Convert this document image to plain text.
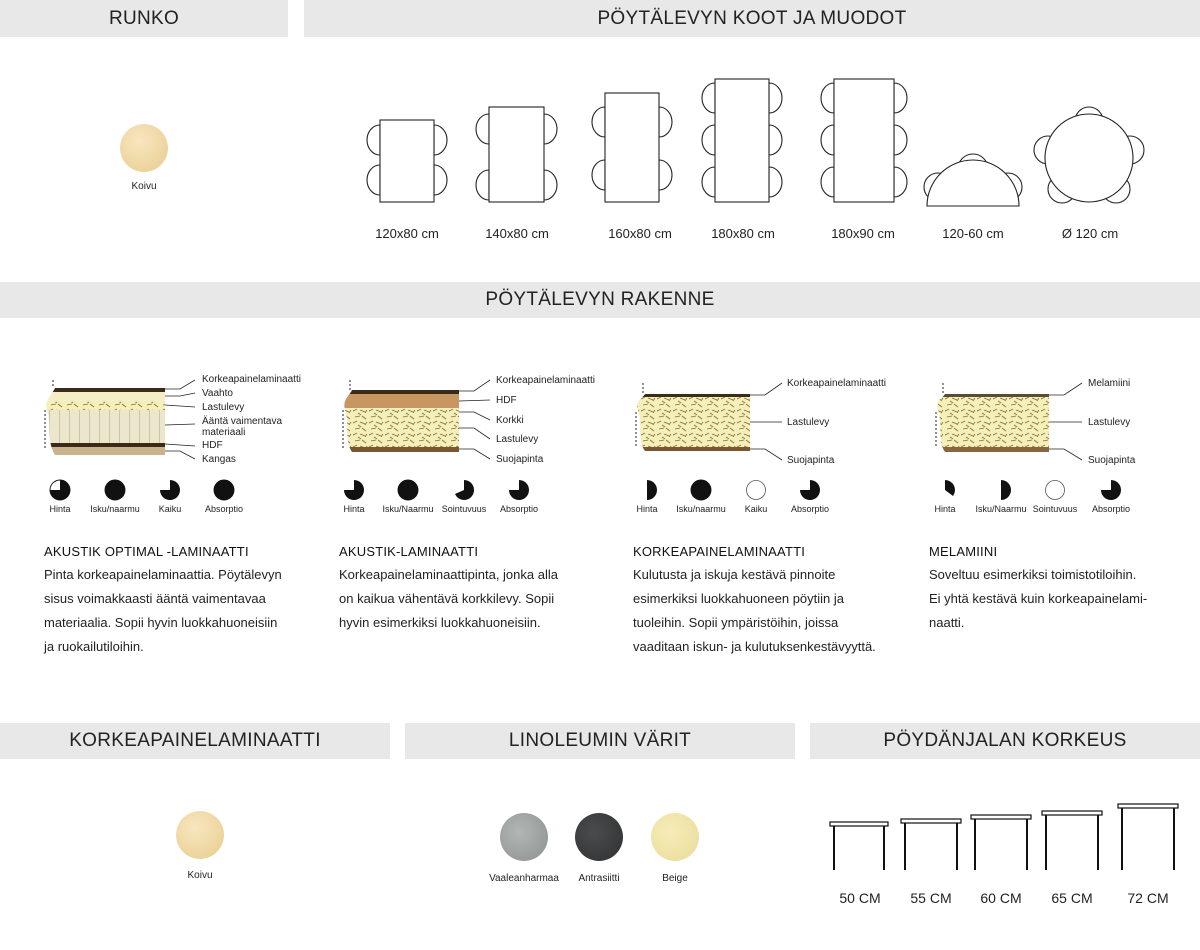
RUNKO	PÖYTÄLEVYN KOOT JA MUODOT
PÖYTÄLEVYN RAKENNE
KORKEAPAINELAMINAATTI	LINOLEUMIN VÄRIT	PÖYDÄNJALAN KORKEUS
Koivu
120x80 cm	140x80 cm	160x80 cm	180x80 cm	180x90 cm	120-60 cm	Ø 120 cm
Korkeapainelaminaatti
Vaahto
Lastulevy
Ääntä vaimentava
materiaali
HDF
Kangas
Korkeapainelaminaatti
HDF
Korkki
Lastulevy
Suojapinta
Korkeapainelaminaatti
Lastulevy
Suojapinta
Melamiini
Lastulevy
Suojapinta
Hinta	Isku/naarmu	Kaiku	Absorptio	Hinta	Isku/Naarmu Sointuvuus	Absorptio	Hinta	Isku/naarmu	Kaiku	Absorptio	Hinta	Isku/Naarmu Sointuvuus	Absorptio
AKUSTIK OPTIMAL -LAMINAATTI
Pinta korkeapainelaminaattia. Pöytälevyn
sisus voimakkaasti ääntä vaimentavaa
materiaalia. Sopii hyvin luokkahuoneisiin
ja ruokailutiloihin.
AKUSTIK-LAMINAATTI
Korkeapainelaminaattipinta, jonka alla
on kaikua vähentävä korkkilevy. Sopii
hyvin esimerkiksi luokkahuoneisiin.
KORKEAPAINELAMINAATTI
Kulutusta ja iskuja kestävä pinnoite
esimerkiksi luokkahuoneen pöytiin ja
tuoleihin. Sopii ympäristöihin, joissa
vaaditaan iskun- ja kulutuksenkestävyyttä.
MELAMIINI
Soveltuu esimerkiksi toimistotiloihin.
Ei yhtä kestävä kuin korkeapainelami-
naatti.
Koivu	Vaaleanharmaa	Antrasiitti	Beige
50 CM	55 CM	60 CM	65 CM	72 CM
